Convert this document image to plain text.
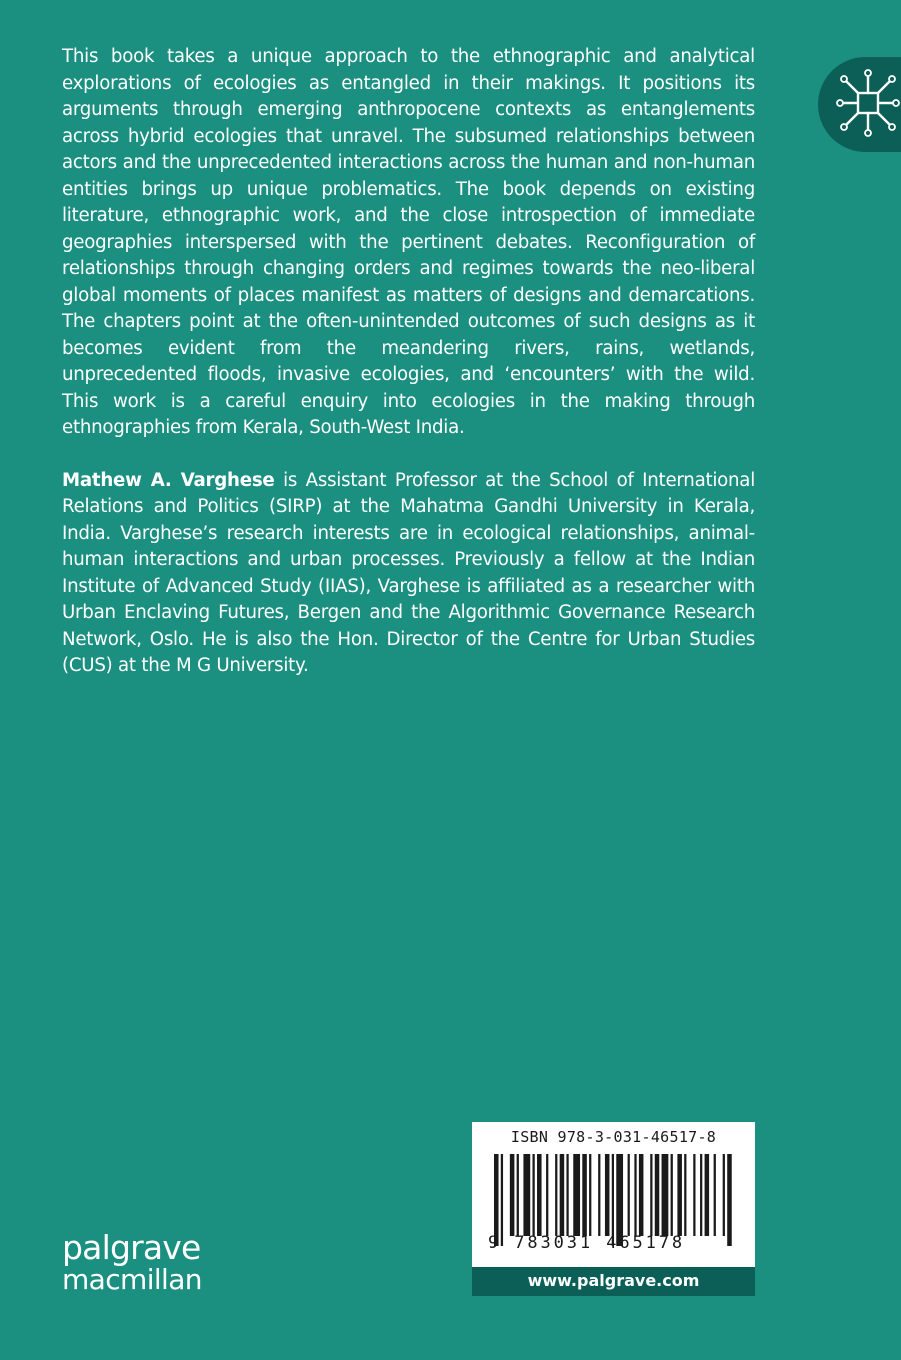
This book takes a unique approach to the ethnographic and analytical explorations of ecologies as entangled in their makings. It positions its arguments through emerging anthropocene contexts as entanglements across hybrid ecologies that unravel. The subsumed relationships between actors and the unprecedented interactions across the human and non-human entities brings up unique problematics. The book depends on existing literature, ethnographic work, and the close introspection of immediate geographies interspersed with the pertinent debates. Reconfiguration of relationships through changing orders and regimes towards the neo-liberal global moments of places manifest as matters of designs and demarcations. The chapters point at the often-unintended outcomes of such designs as it becomes evident from the meandering rivers, rains, wetlands, unprecedented floods, invasive ecologies, and ‘encounters’ with the wild. This work is a careful enquiry into ecologies in the making through ethnographies from Kerala, South-West India.

Mathew A. Varghese is Assistant Professor at the School of International Relations and Politics (SIRP) at the Mahatma Gandhi University in Kerala, India. Varghese’s research interests are in ecological relationships, animal-human interactions and urban processes. Previously a fellow at the Indian Institute of Advanced Study (IIAS), Varghese is affiliated as a researcher with Urban Enclaving Futures, Bergen and the Algorithmic Governance Research Network, Oslo. He is also the Hon. Director of the Centre for Urban Studies (CUS) at the M G University.

palgrave
macmillan
ISBN 978-3-031-46517-8
9 783031 465178
www.palgrave.com
